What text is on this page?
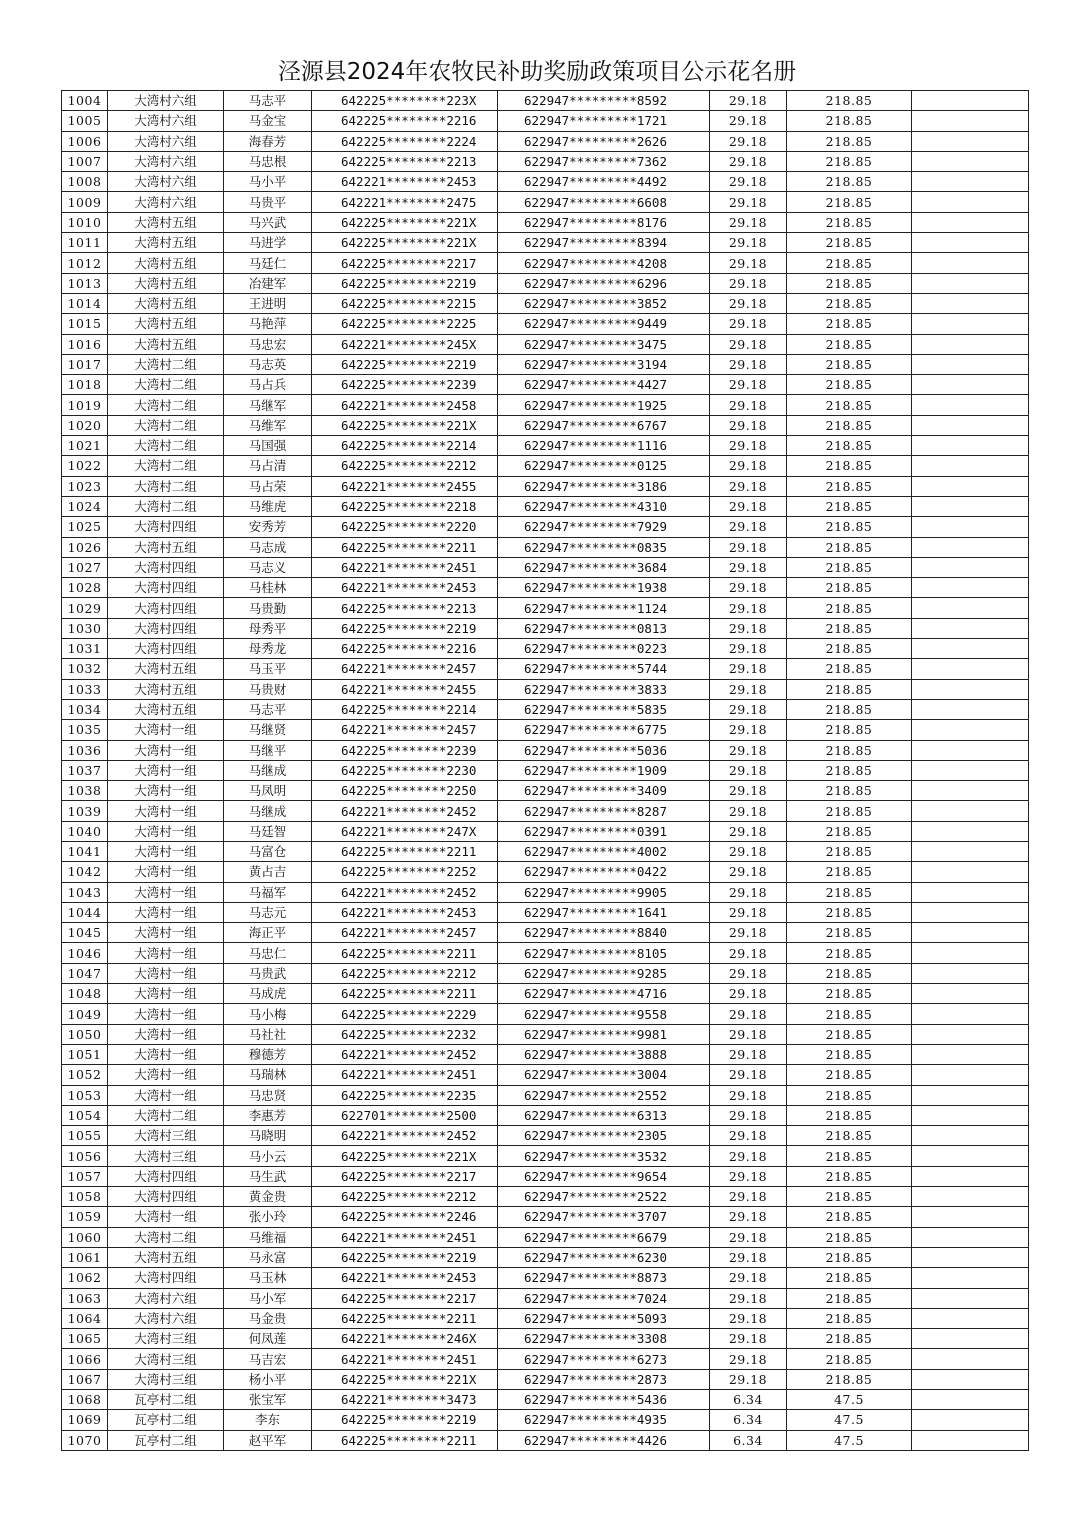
泾源县2024年农牧民补助奖励政策项目公示花名册
1004	大湾村六组	马志平	642225********223X	622947*********8592	29.18	218.85	
1005	大湾村六组	马金宝	642225********2216	622947*********1721	29.18	218.85	
1006	大湾村六组	海春芳	642225********2224	622947*********2626	29.18	218.85	
1007	大湾村六组	马忠根	642225********2213	622947*********7362	29.18	218.85	
1008	大湾村六组	马小平	642221********2453	622947*********4492	29.18	218.85	
1009	大湾村六组	马贵平	642221********2475	622947*********6608	29.18	218.85	
1010	大湾村五组	马兴武	642225********221X	622947*********8176	29.18	218.85	
1011	大湾村五组	马进学	642225********221X	622947*********8394	29.18	218.85	
1012	大湾村五组	马廷仁	642225********2217	622947*********4208	29.18	218.85	
1013	大湾村五组	冶建军	642225********2219	622947*********6296	29.18	218.85	
1014	大湾村五组	王进明	642225********2215	622947*********3852	29.18	218.85	
1015	大湾村五组	马艳萍	642225********2225	622947*********9449	29.18	218.85	
1016	大湾村五组	马忠宏	642221********245X	622947*********3475	29.18	218.85	
1017	大湾村二组	马志英	642225********2219	622947*********3194	29.18	218.85	
1018	大湾村二组	马占兵	642225********2239	622947*********4427	29.18	218.85	
1019	大湾村二组	马继军	642221********2458	622947*********1925	29.18	218.85	
1020	大湾村二组	马维军	642225********221X	622947*********6767	29.18	218.85	
1021	大湾村二组	马国强	642225********2214	622947*********1116	29.18	218.85	
1022	大湾村二组	马占清	642225********2212	622947*********0125	29.18	218.85	
1023	大湾村二组	马占荣	642221********2455	622947*********3186	29.18	218.85	
1024	大湾村二组	马维虎	642225********2218	622947*********4310	29.18	218.85	
1025	大湾村四组	安秀芳	642225********2220	622947*********7929	29.18	218.85	
1026	大湾村五组	马志成	642225********2211	622947*********0835	29.18	218.85	
1027	大湾村四组	马志义	642221********2451	622947*********3684	29.18	218.85	
1028	大湾村四组	马桂林	642221********2453	622947*********1938	29.18	218.85	
1029	大湾村四组	马贵勤	642225********2213	622947*********1124	29.18	218.85	
1030	大湾村四组	母秀平	642225********2219	622947*********0813	29.18	218.85	
1031	大湾村四组	母秀龙	642225********2216	622947*********0223	29.18	218.85	
1032	大湾村五组	马玉平	642221********2457	622947*********5744	29.18	218.85	
1033	大湾村五组	马贵财	642221********2455	622947*********3833	29.18	218.85	
1034	大湾村五组	马志平	642225********2214	622947*********5835	29.18	218.85	
1035	大湾村一组	马继贤	642221********2457	622947*********6775	29.18	218.85	
1036	大湾村一组	马继平	642225********2239	622947*********5036	29.18	218.85	
1037	大湾村一组	马继成	642225********2230	622947*********1909	29.18	218.85	
1038	大湾村一组	马凤明	642225********2250	622947*********3409	29.18	218.85	
1039	大湾村一组	马继成	642221********2452	622947*********8287	29.18	218.85	
1040	大湾村一组	马廷智	642221********247X	622947*********0391	29.18	218.85	
1041	大湾村一组	马富仓	642225********2211	622947*********4002	29.18	218.85	
1042	大湾村一组	黄占吉	642225********2252	622947*********0422	29.18	218.85	
1043	大湾村一组	马福军	642221********2452	622947*********9905	29.18	218.85	
1044	大湾村一组	马志元	642221********2453	622947*********1641	29.18	218.85	
1045	大湾村一组	海正平	642221********2457	622947*********8840	29.18	218.85	
1046	大湾村一组	马忠仁	642225********2211	622947*********8105	29.18	218.85	
1047	大湾村一组	马贵武	642225********2212	622947*********9285	29.18	218.85	
1048	大湾村一组	马成虎	642225********2211	622947*********4716	29.18	218.85	
1049	大湾村一组	马小梅	642225********2229	622947*********9558	29.18	218.85	
1050	大湾村一组	马社社	642225********2232	622947*********9981	29.18	218.85	
1051	大湾村一组	穆德芳	642221********2452	622947*********3888	29.18	218.85	
1052	大湾村一组	马瑞林	642221********2451	622947*********3004	29.18	218.85	
1053	大湾村一组	马忠贤	642225********2235	622947*********2552	29.18	218.85	
1054	大湾村二组	李惠芳	622701********2500	622947*********6313	29.18	218.85	
1055	大湾村三组	马晓明	642221********2452	622947*********2305	29.18	218.85	
1056	大湾村三组	马小云	642225********221X	622947*********3532	29.18	218.85	
1057	大湾村四组	马生武	642225********2217	622947*********9654	29.18	218.85	
1058	大湾村四组	黄金贵	642225********2212	622947*********2522	29.18	218.85	
1059	大湾村一组	张小玲	642225********2246	622947*********3707	29.18	218.85	
1060	大湾村二组	马维福	642221********2451	622947*********6679	29.18	218.85	
1061	大湾村五组	马永富	642225********2219	622947*********6230	29.18	218.85	
1062	大湾村四组	马玉林	642221********2453	622947*********8873	29.18	218.85	
1063	大湾村六组	马小军	642225********2217	622947*********7024	29.18	218.85	
1064	大湾村六组	马金贵	642225********2211	622947*********5093	29.18	218.85	
1065	大湾村三组	何凤莲	642221********246X	622947*********3308	29.18	218.85	
1066	大湾村三组	马吉宏	642221********2451	622947*********6273	29.18	218.85	
1067	大湾村三组	杨小平	642225********221X	622947*********2873	29.18	218.85	
1068	瓦亭村二组	张宝军	642221********3473	622947*********5436	6.34	47.5	
1069	瓦亭村二组	李东	642225********2219	622947*********4935	6.34	47.5	
1070	瓦亭村二组	赵平军	642225********2211	622947*********4426	6.34	47.5	
